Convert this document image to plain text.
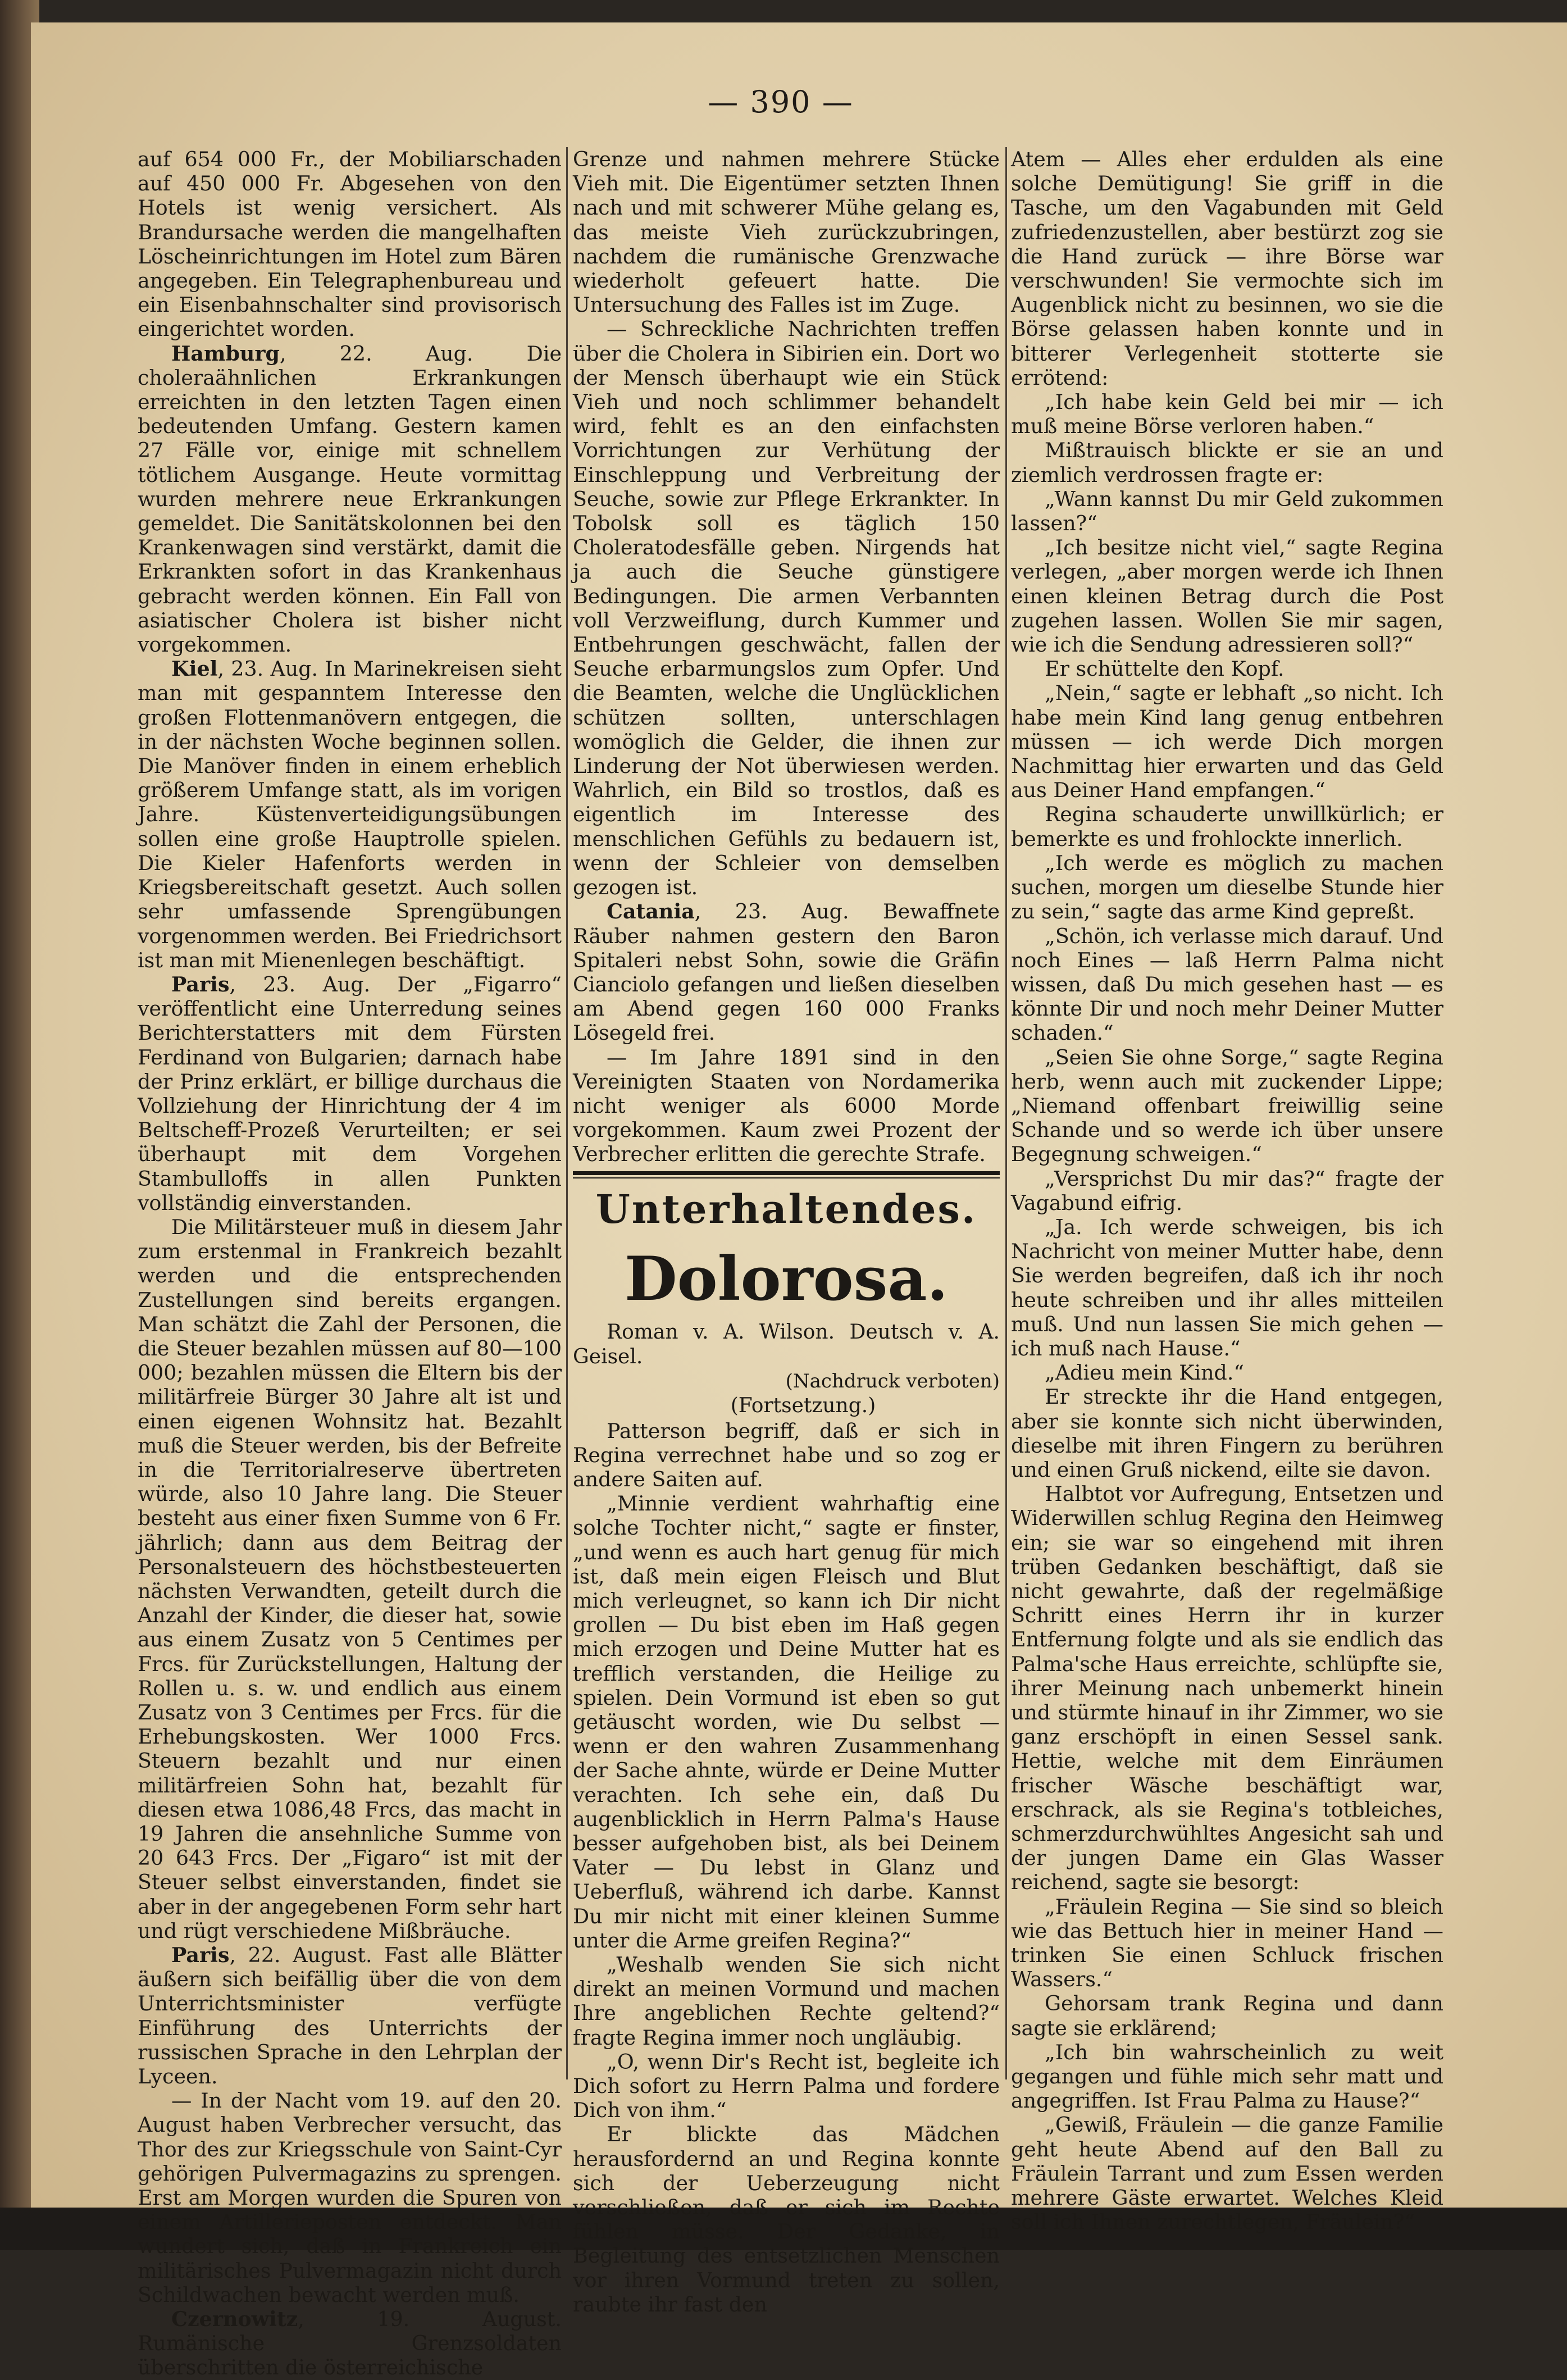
— 390 —

auf 654 000 Fr., der Mobiliarschaden auf 450 000 Fr. Abgesehen von den Hotels ist wenig versichert. Als Brandursache werden die mangelhaften Löscheinrichtungen im Hotel zum Bären angegeben. Ein Telegraphenbureau und ein Eisenbahnschalter sind provisorisch eingerichtet worden.

Hamburg, 22. Aug. Die choleraähnlichen Erkrankungen erreichten in den letzten Tagen einen bedeutenden Umfang. Gestern kamen 27 Fälle vor, einige mit schnellem tötlichem Ausgange. Heute vormittag wurden mehrere neue Erkrankungen gemeldet. Die Sanitätskolonnen bei den Krankenwagen sind verstärkt, damit die Erkrankten sofort in das Krankenhaus gebracht werden können. Ein Fall von asiatischer Cholera ist bisher nicht vorgekommen.

Kiel, 23. Aug. In Marinekreisen sieht man mit gespanntem Interesse den großen Flottenmanövern entgegen, die in der nächsten Woche beginnen sollen. Die Manöver finden in einem erheblich größerem Umfange statt, als im vorigen Jahre. Küstenverteidigungsübungen sollen eine große Hauptrolle spielen. Die Kieler Hafenforts werden in Kriegsbereitschaft gesetzt. Auch sollen sehr umfassende Sprengübungen vorgenommen werden. Bei Friedrichsort ist man mit Mienenlegen beschäftigt.

Paris, 23. Aug. Der „Figarro“ veröffentlicht eine Unterredung seines Berichterstatters mit dem Fürsten Ferdinand von Bulgarien; darnach habe der Prinz erklärt, er billige durchaus die Vollziehung der Hinrichtung der 4 im Beltscheff-Prozeß Verurteilten; er sei überhaupt mit dem Vorgehen Stambulloffs in allen Punkten vollständig einverstanden.

Die Militärsteuer muß in diesem Jahr zum erstenmal in Frankreich bezahlt werden und die entsprechenden Zustellungen sind bereits ergangen. Man schätzt die Zahl der Personen, die die Steuer bezahlen müssen auf 80—100 000; bezahlen müssen die Eltern bis der militärfreie Bürger 30 Jahre alt ist und einen eigenen Wohnsitz hat. Bezahlt muß die Steuer werden, bis der Befreite in die Territorialreserve übertreten würde, also 10 Jahre lang. Die Steuer besteht aus einer fixen Summe von 6 Fr. jährlich; dann aus dem Beitrag der Personalsteuern des höchstbesteuerten nächsten Verwandten, geteilt durch die Anzahl der Kinder, die dieser hat, sowie aus einem Zusatz von 5 Centimes per Frcs. für Zurückstellungen, Haltung der Rollen u. s. w. und endlich aus einem Zusatz von 3 Centimes per Frcs. für die Erhebungskosten. Wer 1000 Frcs. Steuern bezahlt und nur einen militärfreien Sohn hat, bezahlt für diesen etwa 1086,48 Frcs, das macht in 19 Jahren die ansehnliche Summe von 20 643 Frcs. Der „Figaro“ ist mit der Steuer selbst einverstanden, findet sie aber in der angegebenen Form sehr hart und rügt verschiedene Mißbräuche.

Paris, 22. August. Fast alle Blätter äußern sich beifällig über die von dem Unterrichtsminister verfügte Einführung des Unterrichts der russischen Sprache in den Lehrplan der Lyceen.

— In der Nacht vom 19. auf den 20. August haben Verbrecher versucht, das Thor des zur Kriegsschule von Saint-Cyr gehörigen Pulvermagazins zu sprengen. Erst am Morgen wurden die Spuren von einem Artillerieposten entdeckt. Man wundert sich, daß in Frankreich ein militärisches Pulvermagazin nicht durch Schildwachen bewacht werden muß.

Czernowitz, 19. August. Rumänische Grenzsoldaten überschritten die österreichische

Grenze und nahmen mehrere Stücke Vieh mit. Die Eigentümer setzten Ihnen nach und mit schwerer Mühe gelang es, das meiste Vieh zurückzubringen, nachdem die rumänische Grenzwache wiederholt gefeuert hatte. Die Untersuchung des Falles ist im Zuge.

— Schreckliche Nachrichten treffen über die Cholera in Sibirien ein. Dort wo der Mensch überhaupt wie ein Stück Vieh und noch schlimmer behandelt wird, fehlt es an den einfachsten Vorrichtungen zur Verhütung der Einschleppung und Verbreitung der Seuche, sowie zur Pflege Erkrankter. In Tobolsk soll es täglich 150 Choleratodesfälle geben. Nirgends hat ja auch die Seuche günstigere Bedingungen. Die armen Verbannten voll Verzweiflung, durch Kummer und Entbehrungen geschwächt, fallen der Seuche erbarmungslos zum Opfer. Und die Beamten, welche die Unglücklichen schützen sollten, unterschlagen womöglich die Gelder, die ihnen zur Linderung der Not überwiesen werden. Wahrlich, ein Bild so trostlos, daß es eigentlich im Interesse des menschlichen Gefühls zu bedauern ist, wenn der Schleier von demselben gezogen ist.

Catania, 23. Aug. Bewaffnete Räuber nahmen gestern den Baron Spitaleri nebst Sohn, sowie die Gräfin Cianciolo gefangen und ließen dieselben am Abend gegen 160 000 Franks Lösegeld frei.

— Im Jahre 1891 sind in den Vereinigten Staaten von Nordamerika nicht weniger als 6000 Morde vorgekommen. Kaum zwei Prozent der Verbrecher erlitten die gerechte Strafe.

Unterhaltendes.
Dolorosa.

Roman v. A. Wilson. Deutsch v. A. Geisel.

(Nachdruck verboten)

(Fortsetzung.)

Patterson begriff, daß er sich in Regina verrechnet habe und so zog er andere Saiten auf.

„Minnie verdient wahrhaftig eine solche Tochter nicht,“ sagte er finster, „und wenn es auch hart genug für mich ist, daß mein eigen Fleisch und Blut mich verleugnet, so kann ich Dir nicht grollen — Du bist eben im Haß gegen mich erzogen und Deine Mutter hat es trefflich verstanden, die Heilige zu spielen. Dein Vormund ist eben so gut getäuscht worden, wie Du selbst — wenn er den wahren Zusammenhang der Sache ahnte, würde er Deine Mutter verachten. Ich sehe ein, daß Du augenblicklich in Herrn Palma's Hause besser aufgehoben bist, als bei Deinem Vater — Du lebst in Glanz und Ueberfluß, während ich darbe. Kannst Du mir nicht mit einer kleinen Summe unter die Arme greifen Regina?“

„Weshalb wenden Sie sich nicht direkt an meinen Vormund und machen Ihre angeblichen Rechte geltend?“ fragte Regina immer noch ungläubig.

„O, wenn Dir's Recht ist, begleite ich Dich sofort zu Herrn Palma und fordere Dich von ihm.“

Er blickte das Mädchen herausfordernd an und Regina konnte sich der Ueberzeugung nicht verschließen, daß er sich im Rechte fühlen müsse. Der Gedanke, in Begleitung des entsetzlichen Menschen vor ihren Vormund treten zu sollen, raubte ihr fast den

Atem — Alles eher erdulden als eine solche Demütigung! Sie griff in die Tasche, um den Vagabunden mit Geld zufriedenzustellen, aber bestürzt zog sie die Hand zurück — ihre Börse war verschwunden! Sie vermochte sich im Augenblick nicht zu besinnen, wo sie die Börse gelassen haben konnte und in bitterer Verlegenheit stotterte sie errötend:

„Ich habe kein Geld bei mir — ich muß meine Börse verloren haben.“

Mißtrauisch blickte er sie an und ziemlich verdrossen fragte er:

„Wann kannst Du mir Geld zukommen lassen?“

„Ich besitze nicht viel,“ sagte Regina verlegen, „aber morgen werde ich Ihnen einen kleinen Betrag durch die Post zugehen lassen. Wollen Sie mir sagen, wie ich die Sendung adressieren soll?“

Er schüttelte den Kopf.

„Nein,“ sagte er lebhaft „so nicht. Ich habe mein Kind lang genug entbehren müssen — ich werde Dich morgen Nachmittag hier erwarten und das Geld aus Deiner Hand empfangen.“

Regina schauderte unwillkürlich; er bemerkte es und frohlockte innerlich.

„Ich werde es möglich zu machen suchen, morgen um dieselbe Stunde hier zu sein,“ sagte das arme Kind gepreßt.

„Schön, ich verlasse mich darauf. Und noch Eines — laß Herrn Palma nicht wissen, daß Du mich gesehen hast — es könnte Dir und noch mehr Deiner Mutter schaden.“

„Seien Sie ohne Sorge,“ sagte Regina herb, wenn auch mit zuckender Lippe; „Niemand offenbart freiwillig seine Schande und so werde ich über unsere Begegnung schweigen.“

„Versprichst Du mir das?“ fragte der Vagabund eifrig.

„Ja. Ich werde schweigen, bis ich Nachricht von meiner Mutter habe, denn Sie werden begreifen, daß ich ihr noch heute schreiben und ihr alles mitteilen muß. Und nun lassen Sie mich gehen — ich muß nach Hause.“

„Adieu mein Kind.“

Er streckte ihr die Hand entgegen, aber sie konnte sich nicht überwinden, dieselbe mit ihren Fingern zu berühren und einen Gruß nickend, eilte sie davon.

Halbtot vor Aufregung, Entsetzen und Widerwillen schlug Regina den Heimweg ein; sie war so eingehend mit ihren trüben Gedanken beschäftigt, daß sie nicht gewahrte, daß der regelmäßige Schritt eines Herrn ihr in kurzer Entfernung folgte und als sie endlich das Palma'sche Haus erreichte, schlüpfte sie, ihrer Meinung nach unbemerkt hinein und stürmte hinauf in ihr Zimmer, wo sie ganz erschöpft in einen Sessel sank. Hettie, welche mit dem Einräumen frischer Wäsche beschäftigt war, erschrack, als sie Regina's totbleiches, schmerzdurchwühltes Angesicht sah und der jungen Dame ein Glas Wasser reichend, sagte sie besorgt:

„Fräulein Regina — Sie sind so bleich wie das Bettuch hier in meiner Hand — trinken Sie einen Schluck frischen Wassers.“

Gehorsam trank Regina und dann sagte sie erklärend;

„Ich bin wahrscheinlich zu weit gegangen und fühle mich sehr matt und angegriffen. Ist Frau Palma zu Hause?“

„Gewiß, Fräulein — die ganze Familie geht heute Abend auf den Ball zu Fräulein Tarrant und zum Essen werden mehrere Gäste erwartet. Welches Kleid soll ich Ihnen zurechtlegen, Fräulein?“
